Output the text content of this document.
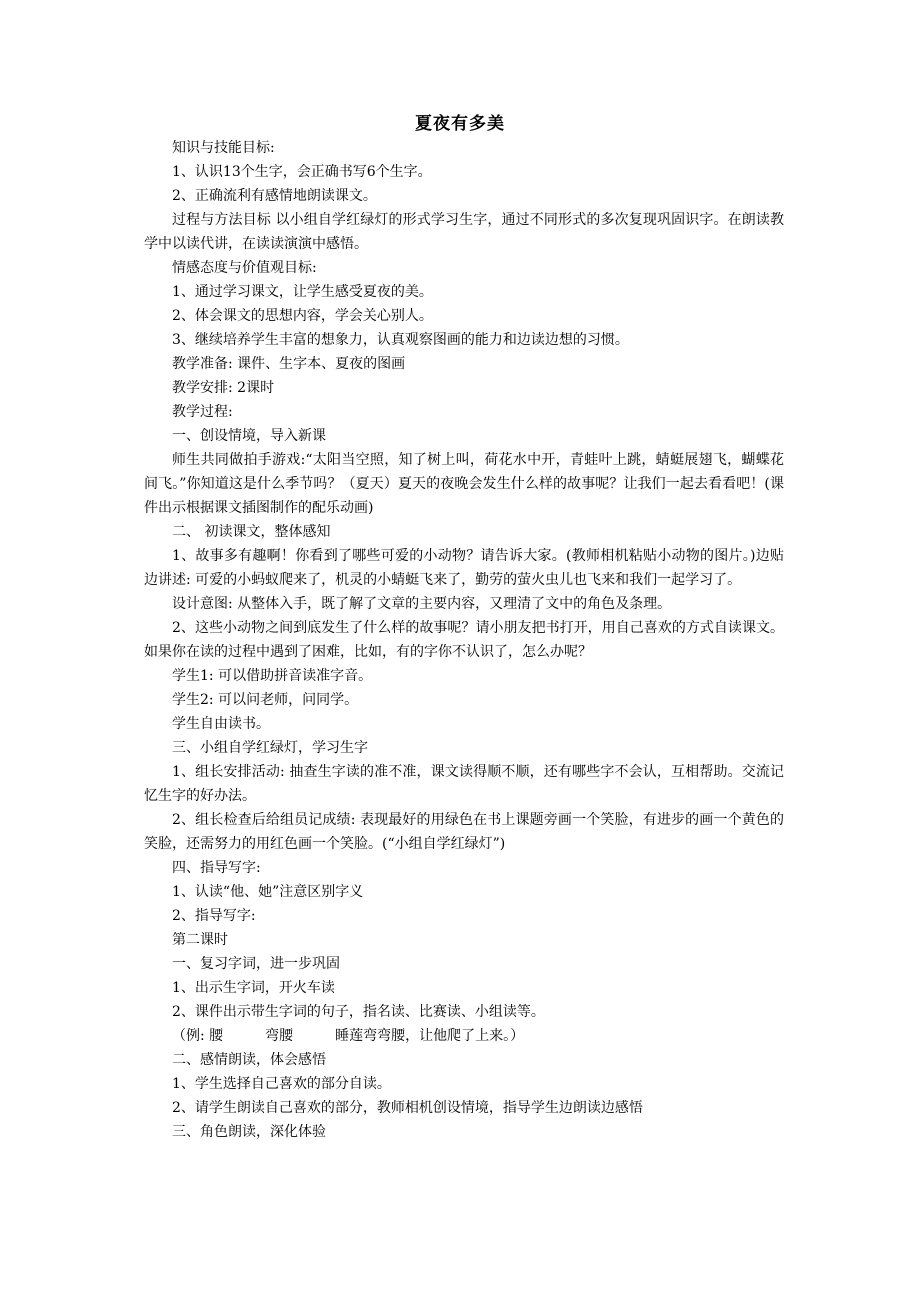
夏夜有多美

知识与技能目标:

1、认识13个生字，会正确书写6个生字。

2、正确流利有感情地朗读课文。

过程与方法目标 以小组自学红绿灯的形式学习生字，通过不同形式的多次复现巩固识字。在朗读教学中以读代讲，在读读演演中感悟。

情感态度与价值观目标:

1、通过学习课文，让学生感受夏夜的美。

2、体会课文的思想内容，学会关心别人。

3、继续培养学生丰富的想象力，认真观察图画的能力和边读边想的习惯。

教学准备: 课件、生字本、夏夜的图画

教学安排: 2课时

教学过程:

一、创设情境，导入新课

师生共同做拍手游戏:“太阳当空照，知了树上叫，荷花水中开，青蛙叶上跳，蜻蜓展翅飞，蝴蝶花间飞。”你知道这是什么季节吗？（夏天）夏天的夜晚会发生什么样的故事呢？让我们一起去看看吧！(课件出示根据课文插图制作的配乐动画)

二、 初读课文，整体感知

1、故事多有趣啊！你看到了哪些可爱的小动物？请告诉大家。(教师相机粘贴小动物的图片。)边贴边讲述: 可爱的小蚂蚁爬来了，机灵的小蜻蜓飞来了，勤劳的萤火虫儿也飞来和我们一起学习了。

设计意图: 从整体入手，既了解了文章的主要内容，又理清了文中的角色及条理。

2、这些小动物之间到底发生了什么样的故事呢？请小朋友把书打开，用自己喜欢的方式自读课文。如果你在读的过程中遇到了困难，比如，有的字你不认识了，怎么办呢？

学生1: 可以借助拼音读准字音。

学生2: 可以问老师，问同学。

学生自由读书。

三、小组自学红绿灯，学习生字

1、组长安排活动: 抽查生字读的准不准，课文读得顺不顺，还有哪些字不会认，互相帮助。交流记忆生字的好办法。

2、组长检查后给组员记成绩: 表现最好的用绿色在书上课题旁画一个笑脸，有进步的画一个黄色的笑脸，还需努力的用红色画一个笑脸。(“小组自学红绿灯”)

四、指导写字:

1、认读“他、她”注意区别字义

2、指导写字:

第二课时

一、复习字词，进一步巩固

1、出示生字词，开火车读

2、课件出示带生字词的句子，指名读、比赛读、小组读等。

（例: 腰　　　弯腰　　　睡莲弯弯腰，让他爬了上来。）

二、感情朗读，体会感悟

1、学生选择自己喜欢的部分自读。

2、请学生朗读自己喜欢的部分，教师相机创设情境，指导学生边朗读边感悟

三、角色朗读，深化体验
